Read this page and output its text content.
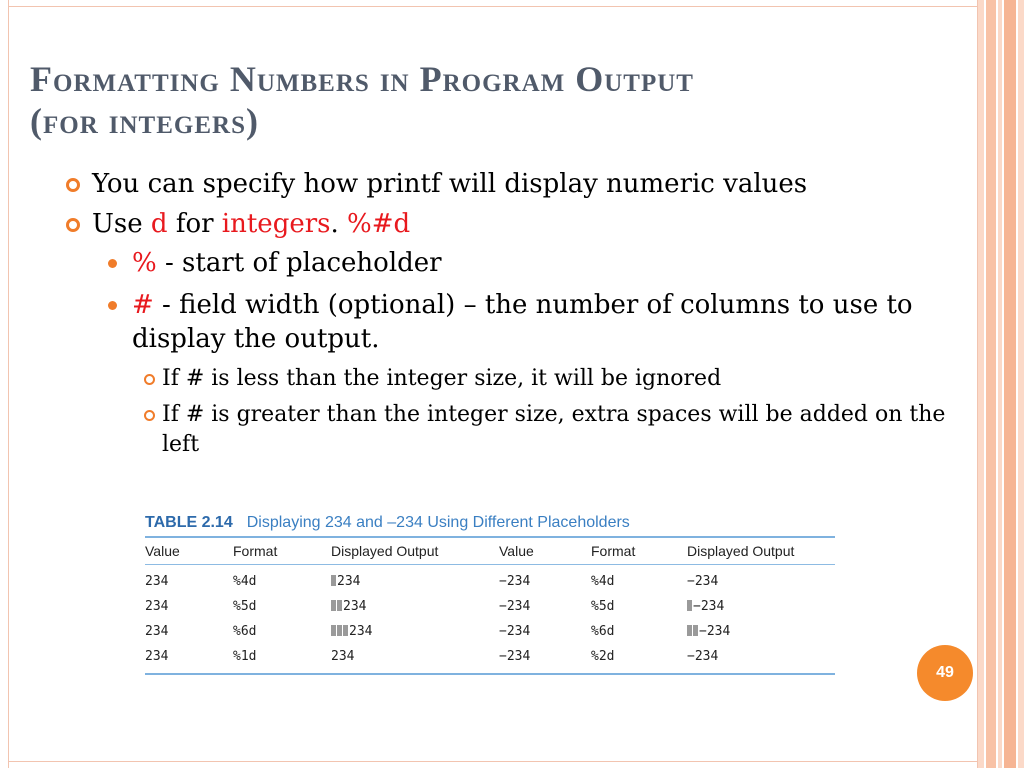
Formatting Numbers in Program Output
(for integers)
You can specify how printf will display numeric values
Use d for integers. %#d
% - start of placeholder
# - field width (optional) – the number of columns to use to display the output.
If # is less than the integer size, it will be ignored
If # is greater than the integer size, extra spaces will be added on the left
TABLE 2.14 Displaying 234 and –234 Using Different Placeholders
Value	Format	Displayed Output	Value	Format	Displayed Output
234	%4d	234	−234	%4d	−234
234	%5d	234	−234	%5d	−234
234	%6d	234	−234	%6d	−234
234	%1d	234	−234	%2d	−234
49
